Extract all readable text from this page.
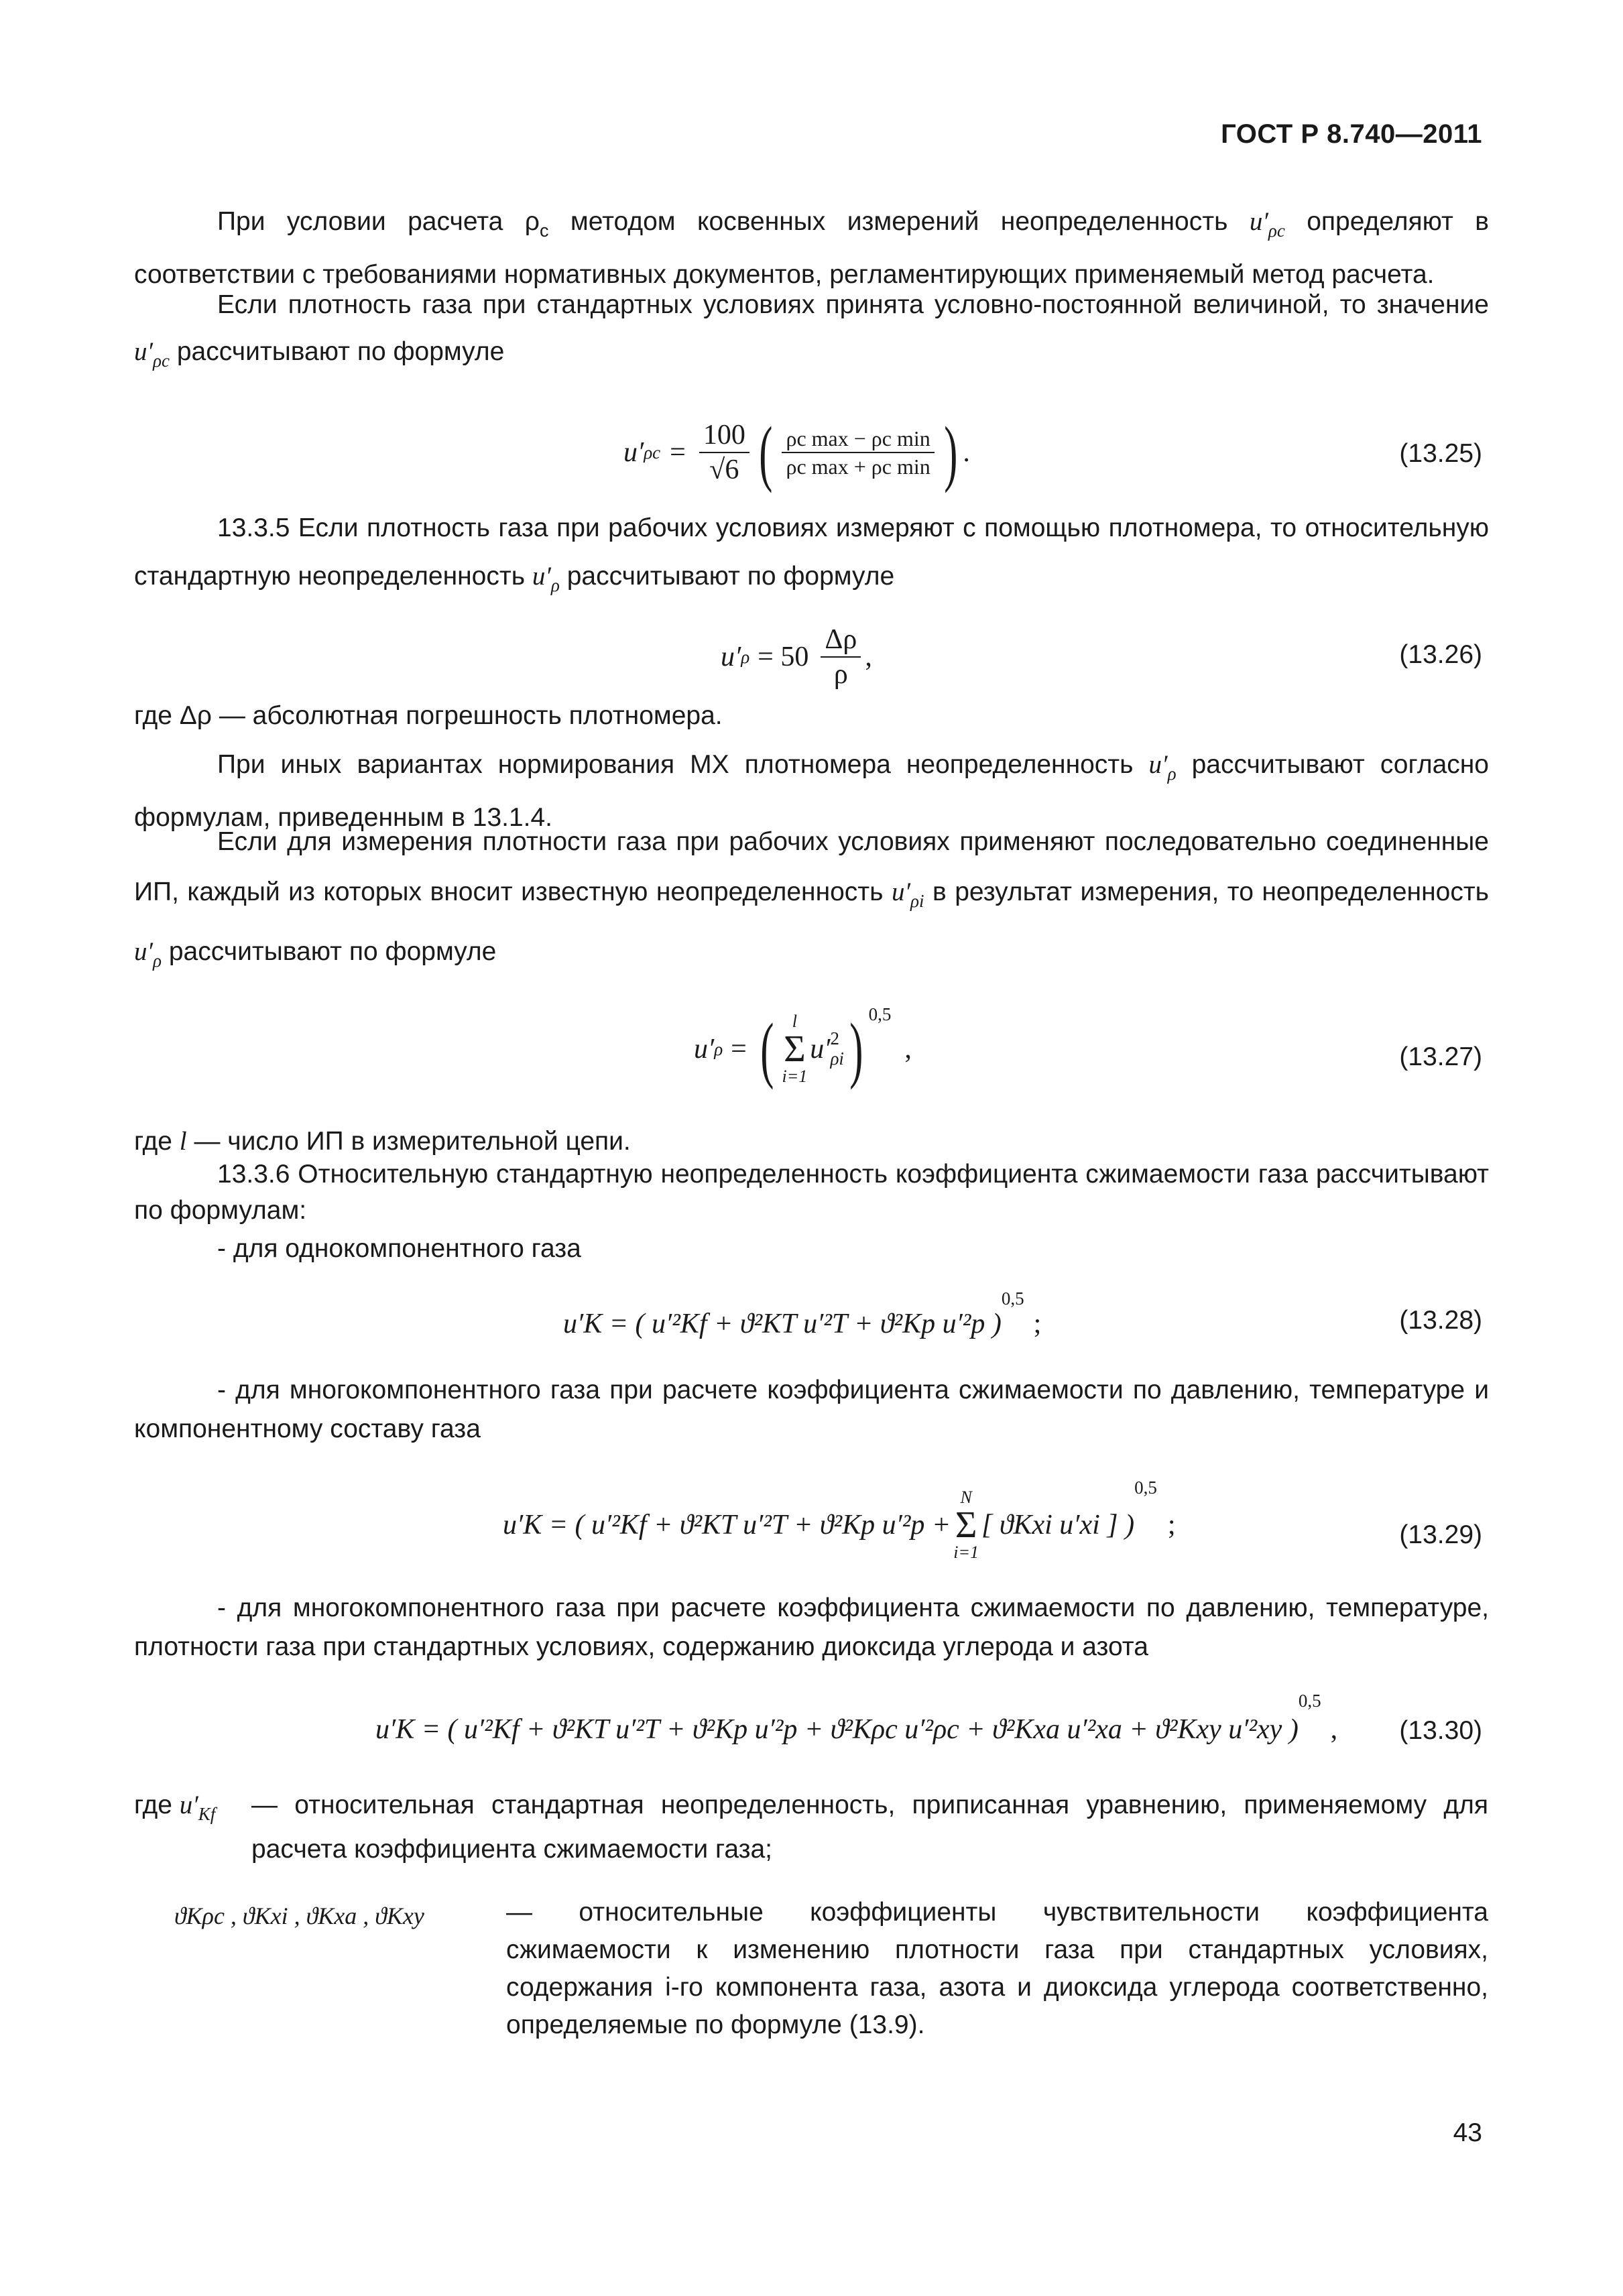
ГОСТ Р 8.740—2011

При условии расчета $\rho_с$ методом косвенных измерений неопределенность $u'_{\rho с}$ определяют в соответствии с требованиями нормативных документов, регламентирующих применяемый метод расчета.

Если плотность газа при стандартных условиях принята условно-постоянной величиной, то значение $u'_{\rho с}$ рассчитывают по формуле

u′ $\rho с = \frac{100}{√6}$ ( $\frac{\text{ρс max − ρс min}}{\text{ρс max + ρс min}}$ ) .	(13.25)

13.3.5 Если плотность газа при рабочих условиях измеряют с помощью плотномера, то относительную стандартную неопределенность $u'_\rho$ рассчитывают по формуле

u′ $\rho = 50 \frac{\Delta\rho}{\rho}$ ,	(13.26)

где Δρ — абсолютная погрешность плотномера.

При иных вариантах нормирования МХ плотномера неопределенность $u'_\rho$ рассчитывают согласно формулам, приведенным в 13.1.4.

Если для измерения плотности газа при рабочих условиях применяют последовательно соединенные ИП, каждый из которых вносит известную неопределенность $u'_{\rho i}$ в результат измерения, то неопределенность $u'_\rho$ рассчитывают по формуле

u′ ρ = ( l
Σ
i=1
u′ 2
ρi ) 0,5
,	(13.27)

где l — число ИП в измерительной цепи.

13.3.6 Относительную стандартную неопределенность коэффициента сжимаемости газа рассчитывают по формулам:

- для однокомпонентного газа

u′K = ( u′²Kf + ϑ²KT u′²T + ϑ²Kp u′²p )
0,5
;	(13.28)

- для многокомпонентного газа при расчете коэффициента сжимаемости по давлению, температуре и компонентному составу газа

u′K = ( u′²Kf + ϑ²KT u′²T + ϑ²Kp u′²p +
N
Σ
i=1
[ ϑKxi u′xi ] )
0,5
;	(13.29)

- для многокомпонентного газа при расчете коэффициента сжимаемости по давлению, температуре, плотности газа при стандартных условиях, содержанию диоксида углерода и азота

u′K = ( u′²Kf + ϑ²KT u′²T + ϑ²Kp u′²p + ϑ²Kρс u′²ρс + ϑ²Kxa u′²xa + ϑ²Kxy u′²xy )
0,5
, (13.30)
где $u'_{Kf}$ — относительная стандартная неопределенность, приписанная уравнению, применяемому для расчета коэффициента сжимаемости газа;
ϑKρс , ϑKxi , ϑKxa , ϑKxy	— относительные коэффициенты чувствительности коэффициента сжимаемости к изменению плотности газа при стандартных условиях, содержания i-го компонента газа, азота и диоксида углерода соответственно, определяемые по формуле (13.9).
43
